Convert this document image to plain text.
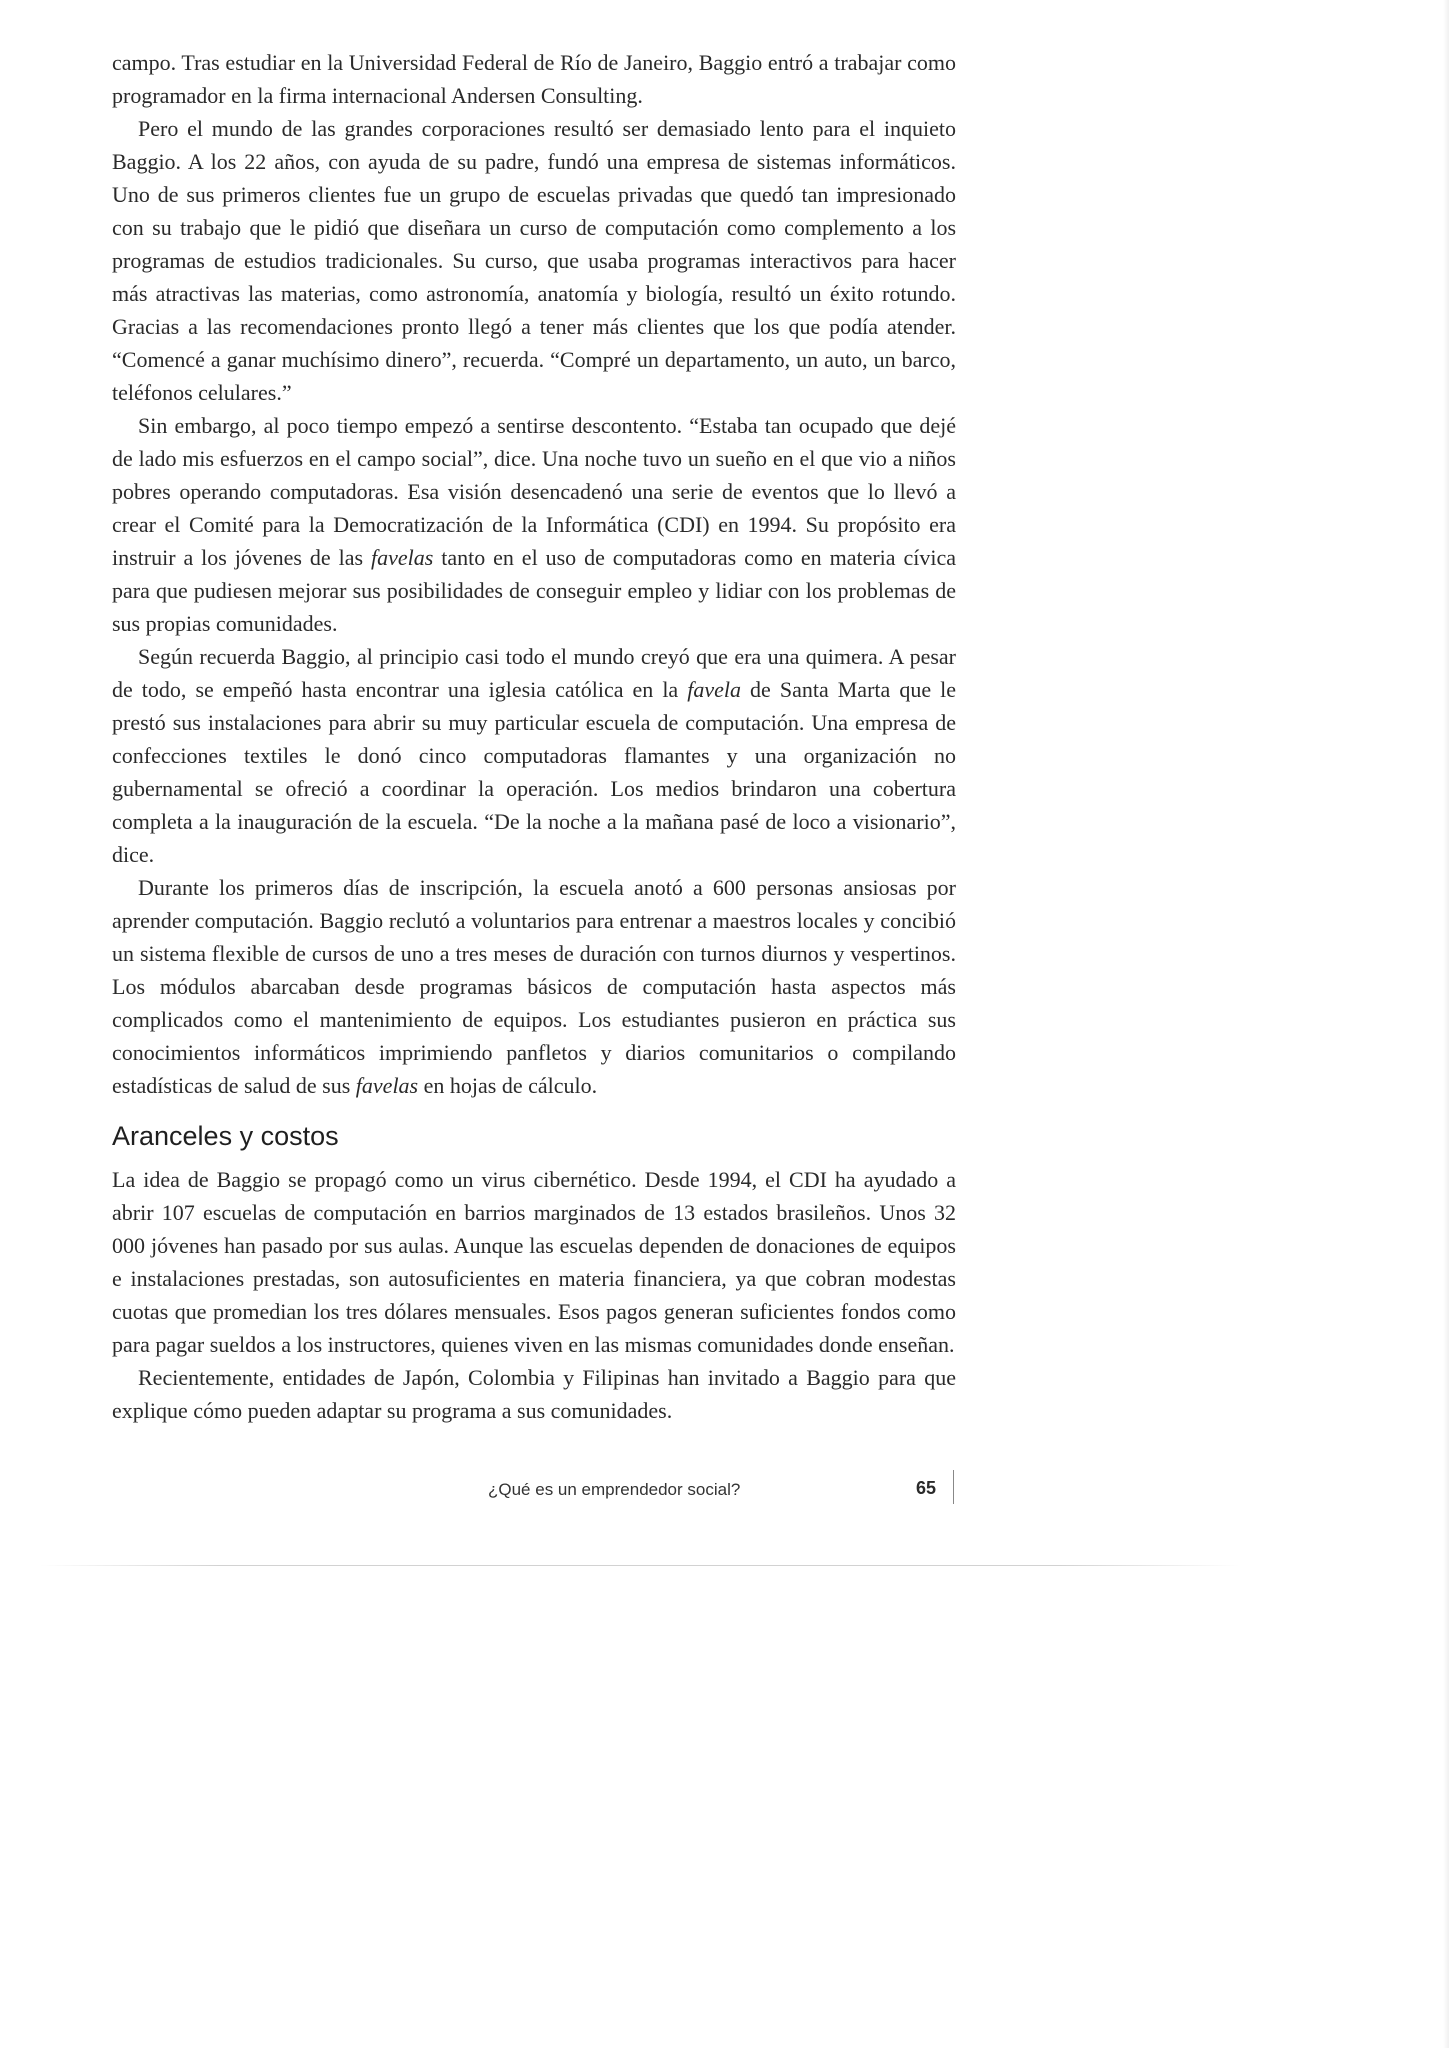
campo. Tras estudiar en la Universidad Federal de Río de Janeiro, Baggio entró a trabajar como programador en la firma internacional Andersen Consulting.

Pero el mundo de las grandes corporaciones resultó ser demasiado lento para el inquieto Baggio. A los 22 años, con ayuda de su padre, fundó una empresa de sistemas informáticos. Uno de sus primeros clientes fue un grupo de escuelas privadas que quedó tan impresionado con su trabajo que le pidió que diseñara un curso de computación como complemento a los programas de estudios tradicionales. Su curso, que usaba programas interactivos para hacer más atractivas las materias, como astronomía, anatomía y biología, resultó un éxito rotundo. Gracias a las recomendaciones pronto llegó a tener más clientes que los que podía atender. “Comencé a ganar muchísimo dinero”, recuerda. “Compré un departamento, un auto, un barco, teléfonos celulares.”

Sin embargo, al poco tiempo empezó a sentirse descontento. “Estaba tan ocupado que dejé de lado mis esfuerzos en el campo social”, dice. Una noche tuvo un sueño en el que vio a niños pobres operando computadoras. Esa visión desencadenó una serie de eventos que lo llevó a crear el Comité para la Democratización de la Informática (CDI) en 1994. Su propósito era instruir a los jóvenes de las favelas tanto en el uso de computadoras como en materia cívica para que pudiesen mejorar sus posibilidades de conseguir empleo y lidiar con los problemas de sus propias comunidades.

Según recuerda Baggio, al principio casi todo el mundo creyó que era una quimera. A pesar de todo, se empeñó hasta encontrar una iglesia católica en la favela de Santa Marta que le prestó sus instalaciones para abrir su muy particular escuela de computación. Una empresa de confecciones textiles le donó cinco computadoras flamantes y una organización no gubernamental se ofreció a coordinar la operación. Los medios brindaron una cobertura completa a la inauguración de la escuela. “De la noche a la mañana pasé de loco a visionario”, dice.

Durante los primeros días de inscripción, la escuela anotó a 600 personas ansiosas por aprender computación. Baggio reclutó a voluntarios para entrenar a maestros locales y concibió un sistema flexible de cursos de uno a tres meses de duración con turnos diurnos y vespertinos. Los módulos abarcaban desde programas básicos de computación hasta aspectos más complicados como el mantenimiento de equipos. Los estudiantes pusieron en práctica sus conocimientos informáticos imprimiendo panfletos y diarios comunitarios o compilando estadísticas de salud de sus favelas en hojas de cálculo.

Aranceles y costos

La idea de Baggio se propagó como un virus cibernético. Desde 1994, el CDI ha ayudado a abrir 107 escuelas de computación en barrios marginados de 13 estados brasileños. Unos 32 000 jóvenes han pasado por sus aulas. Aunque las escuelas dependen de donaciones de equipos e instalaciones prestadas, son autosuficientes en materia financiera, ya que cobran modestas cuotas que promedian los tres dólares mensuales. Esos pagos generan suficientes fondos como para pagar sueldos a los instructores, quienes viven en las mismas comunidades donde enseñan.

Recientemente, entidades de Japón, Colombia y Filipinas han invitado a Baggio para que explique cómo pueden adaptar su programa a sus comunidades.

¿Qué es un emprendedor social?	65
